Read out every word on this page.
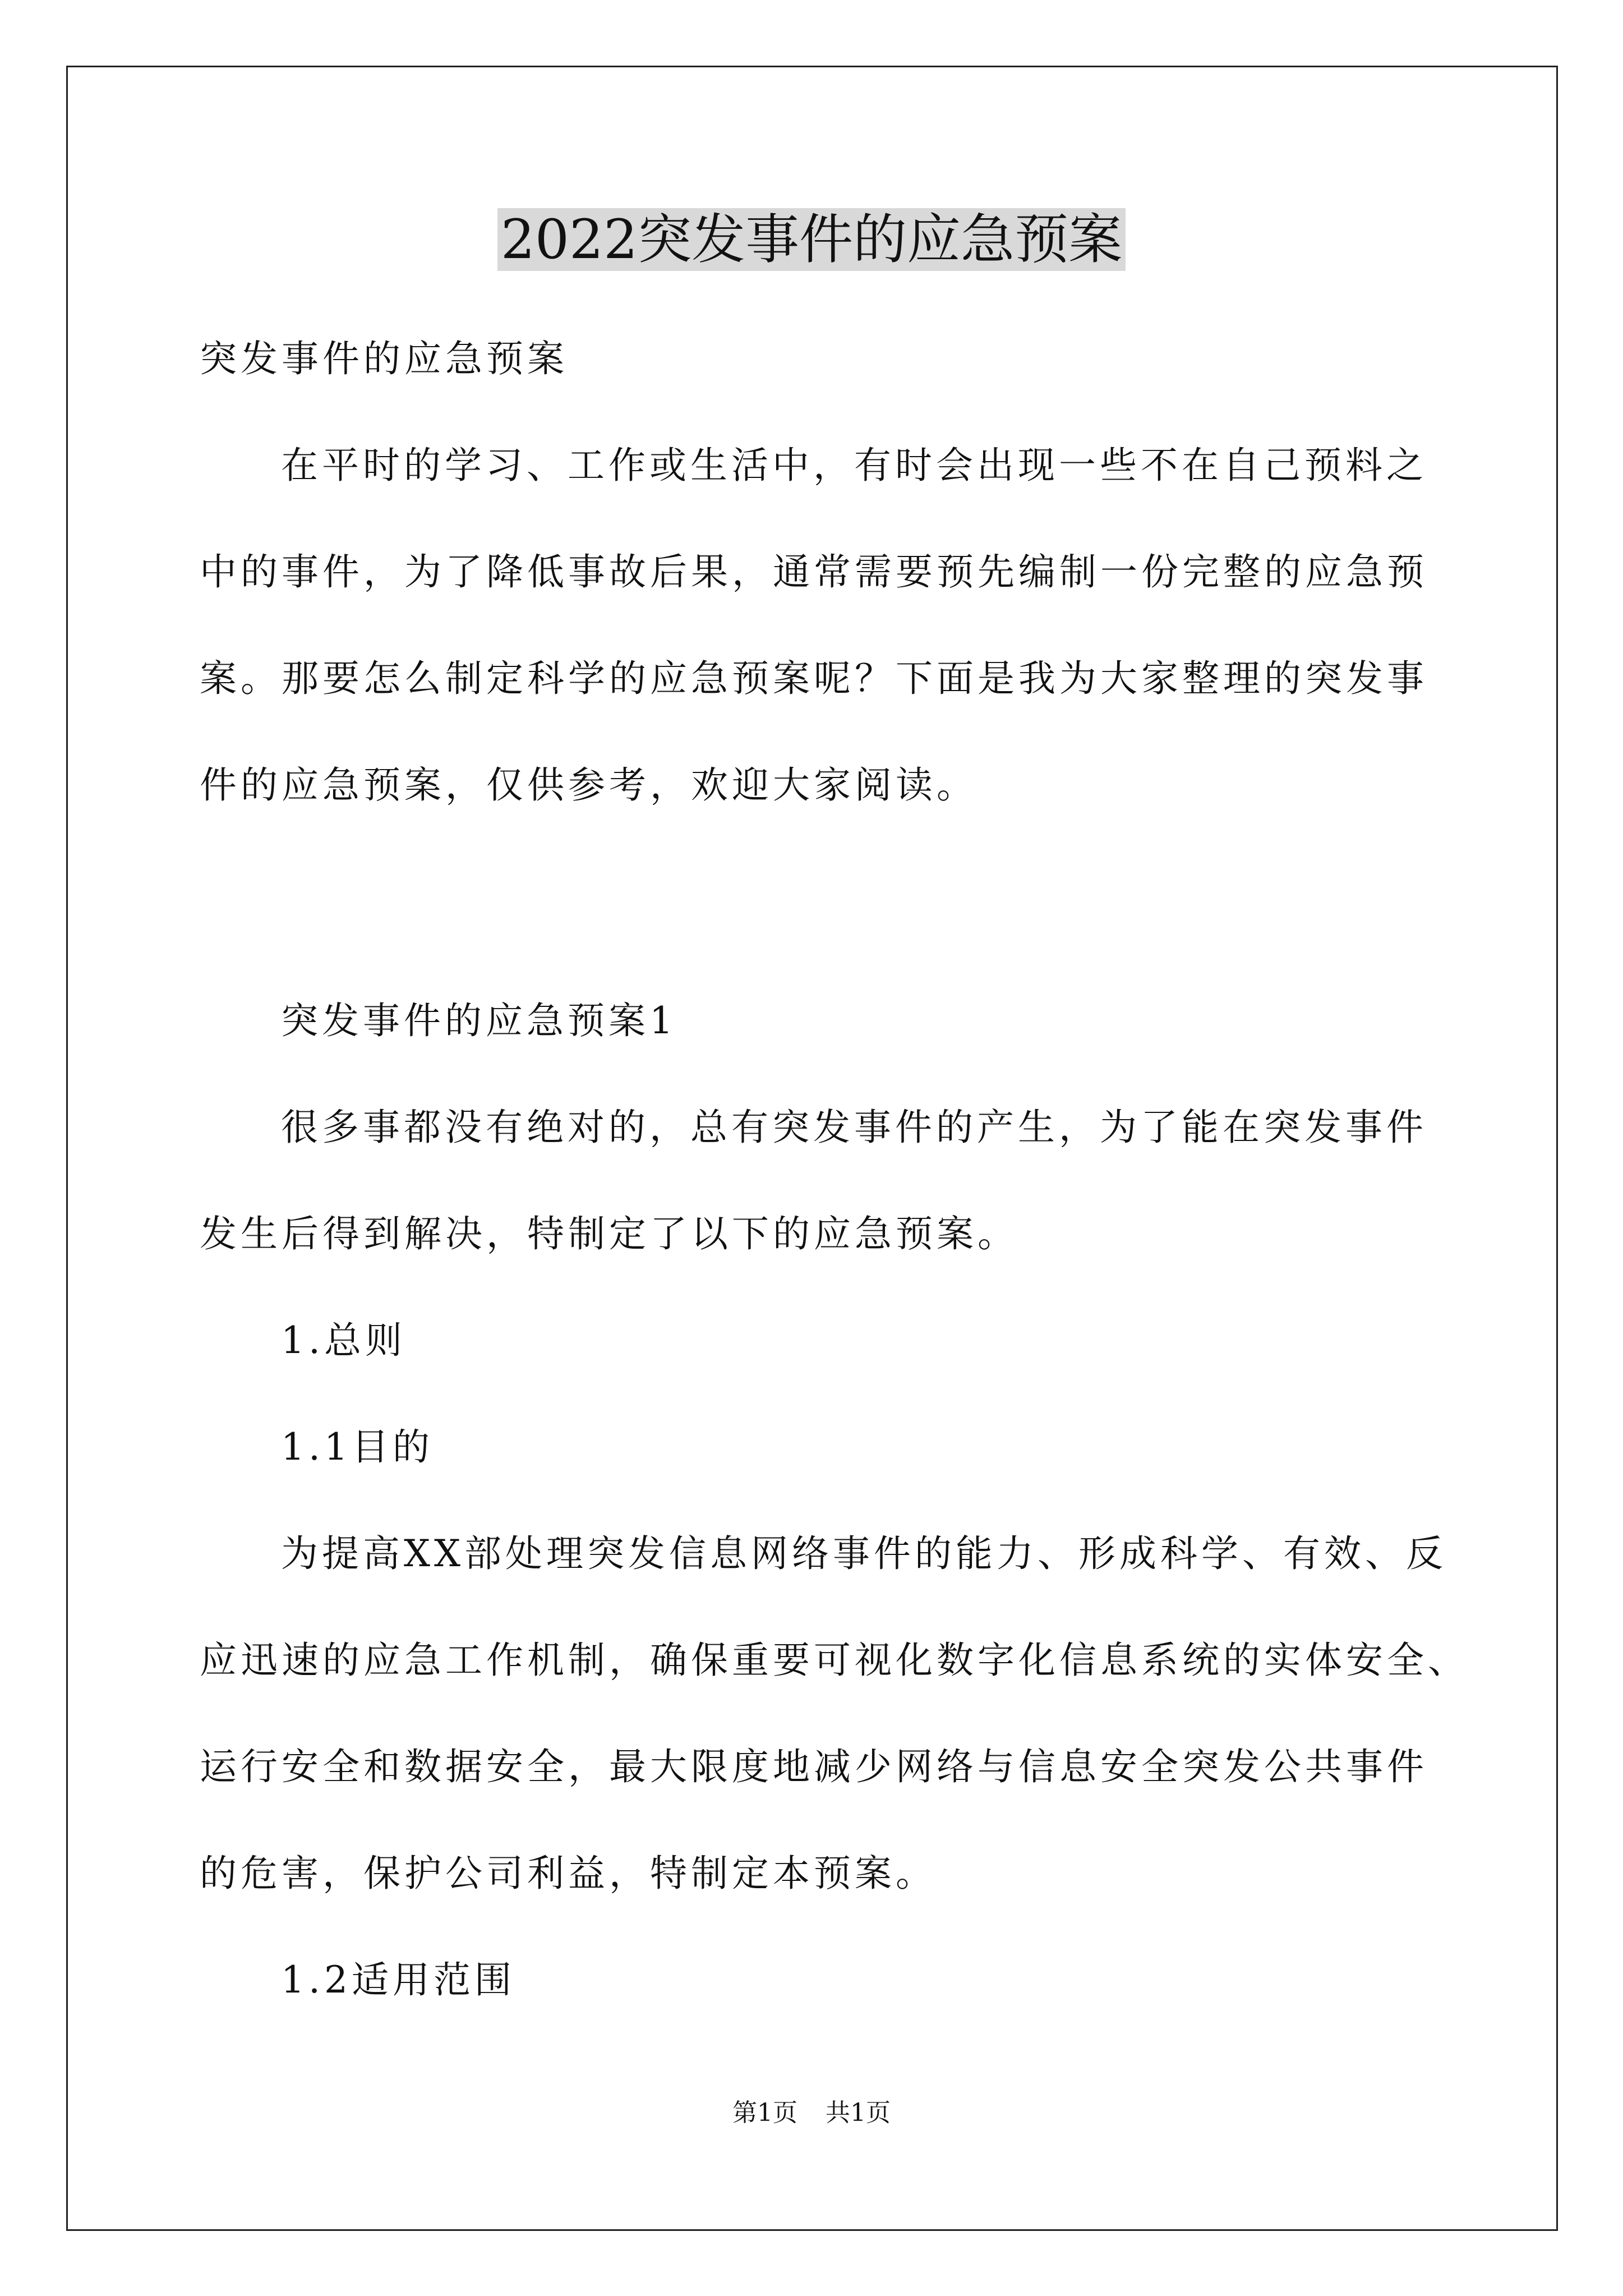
2022突发事件的应急预案

突发事件的应急预案

在平时的学习、工作或生活中，有时会出现一些不在自己预料之

中的事件，为了降低事故后果，通常需要预先编制一份完整的应急预

案。那要怎么制定科学的应急预案呢？下面是我为大家整理的突发事

件的应急预案，仅供参考，欢迎大家阅读。

突发事件的应急预案1

很多事都没有绝对的，总有突发事件的产生，为了能在突发事件

发生后得到解决，特制定了以下的应急预案。

1.总则

1.1目的

为提高XX部处理突发信息网络事件的能力、形成科学、有效、反

应迅速的应急工作机制，确保重要可视化数字化信息系统的实体安全、

运行安全和数据安全，最大限度地减少网络与信息安全突发公共事件

的危害，保护公司利益，特制定本预案。

1.2适用范围

第1页 共1页
